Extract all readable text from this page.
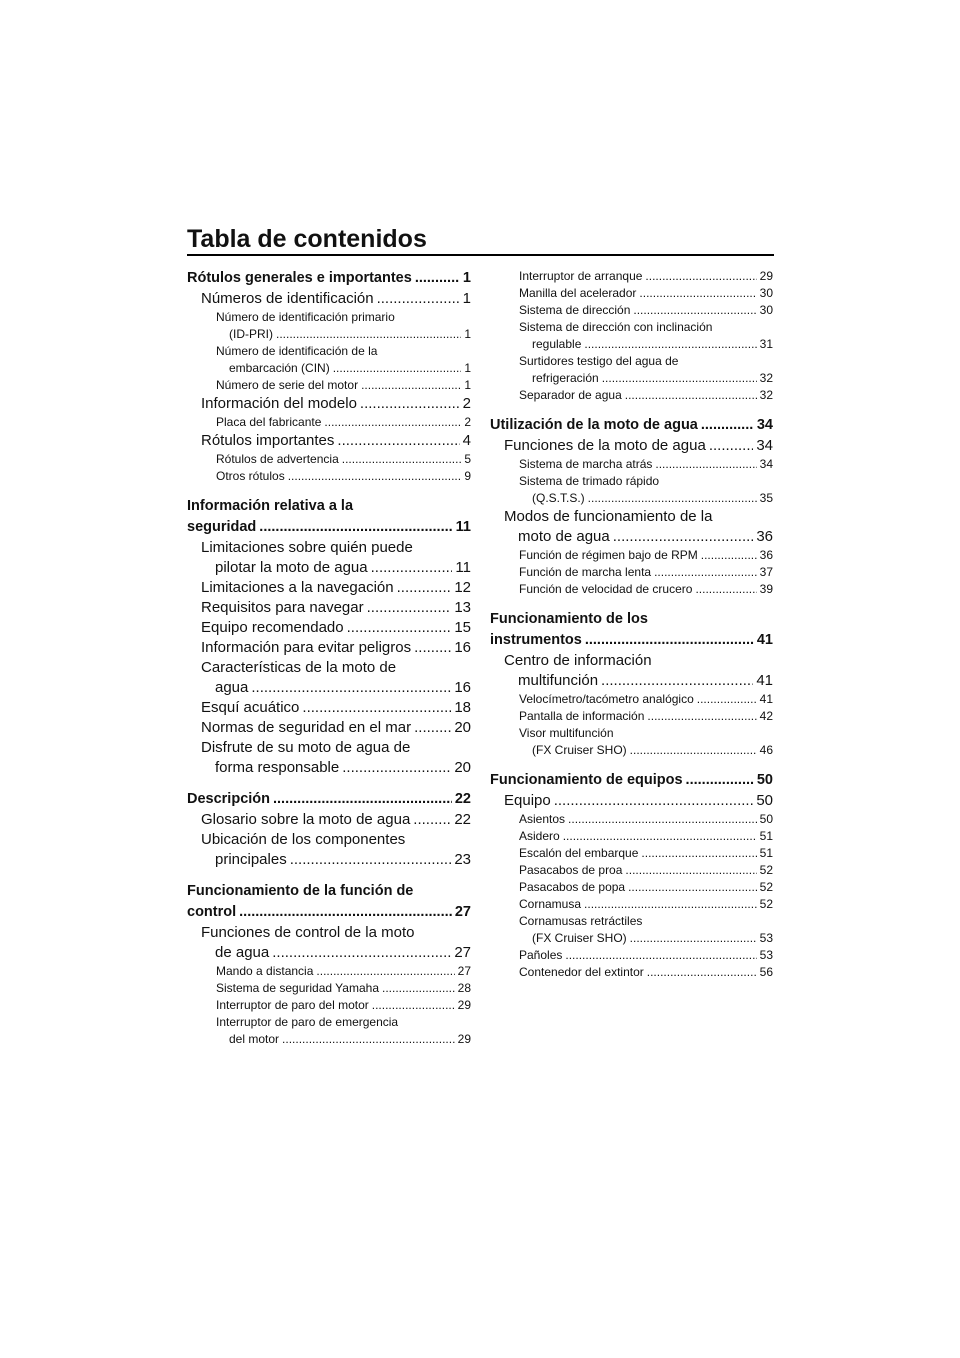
Tabla de contenidos
Rótulos generales e importantes .....	1
Números de identificación .....	1
Número de identificación primario
(ID-PRI) .....	1
Número de identificación de la
embarcación (CIN) .....	1
Número de serie del motor .....	1
Información del modelo .....	2
Placa del fabricante .....	2
Rótulos importantes .....	4
Rótulos de advertencia .....	5
Otros rótulos .....	9
Información relativa a la
seguridad .....	11
Limitaciones sobre quién puede
pilotar la moto de agua .....	11
Limitaciones a la navegación .....	12
Requisitos para navegar .....	13
Equipo recomendado .....	15
Información para evitar peligros .....	16
Características de la moto de
agua .....	16
Esquí acuático .....	18
Normas de seguridad en el mar .....	20
Disfrute de su moto de agua de
forma responsable .....	20
Descripción .....	22
Glosario sobre la moto de agua .....	22
Ubicación de los componentes
principales .....	23
Funcionamiento de la función de
control .....	27
Funciones de control de la moto
de agua .....	27
Mando a distancia .....	27
Sistema de seguridad Yamaha .....	28
Interruptor de paro del motor .....	29
Interruptor de paro de emergencia
del motor .....	29
Interruptor de arranque .....	29
Manilla del acelerador .....	30
Sistema de dirección .....	30
Sistema de dirección con inclinación
regulable .....	31
Surtidores testigo del agua de
refrigeración .....	32
Separador de agua .....	32
Utilización de la moto de agua .....	34
Funciones de la moto de agua .....	34
Sistema de marcha atrás .....	34
Sistema de trimado rápido
(Q.S.T.S.) .....	35
Modos de funcionamiento de la
moto de agua .....	36
Función de régimen bajo de RPM .....	36
Función de marcha lenta .....	37
Función de velocidad de crucero .....	39
Funcionamiento de los
instrumentos .....	41
Centro de información
multifunción .....	41
Velocímetro/tacómetro analógico .....	41
Pantalla de información .....	42
Visor multifunción
(FX Cruiser SHO) .....	46
Funcionamiento de equipos .....	50
Equipo .....	50
Asientos .....	50
Asidero .....	51
Escalón del embarque .....	51
Pasacabos de proa .....	52
Pasacabos de popa .....	52
Cornamusa .....	52
Cornamusas retráctiles
(FX Cruiser SHO) .....	53
Pañoles .....	53
Contenedor del extintor .....	56
